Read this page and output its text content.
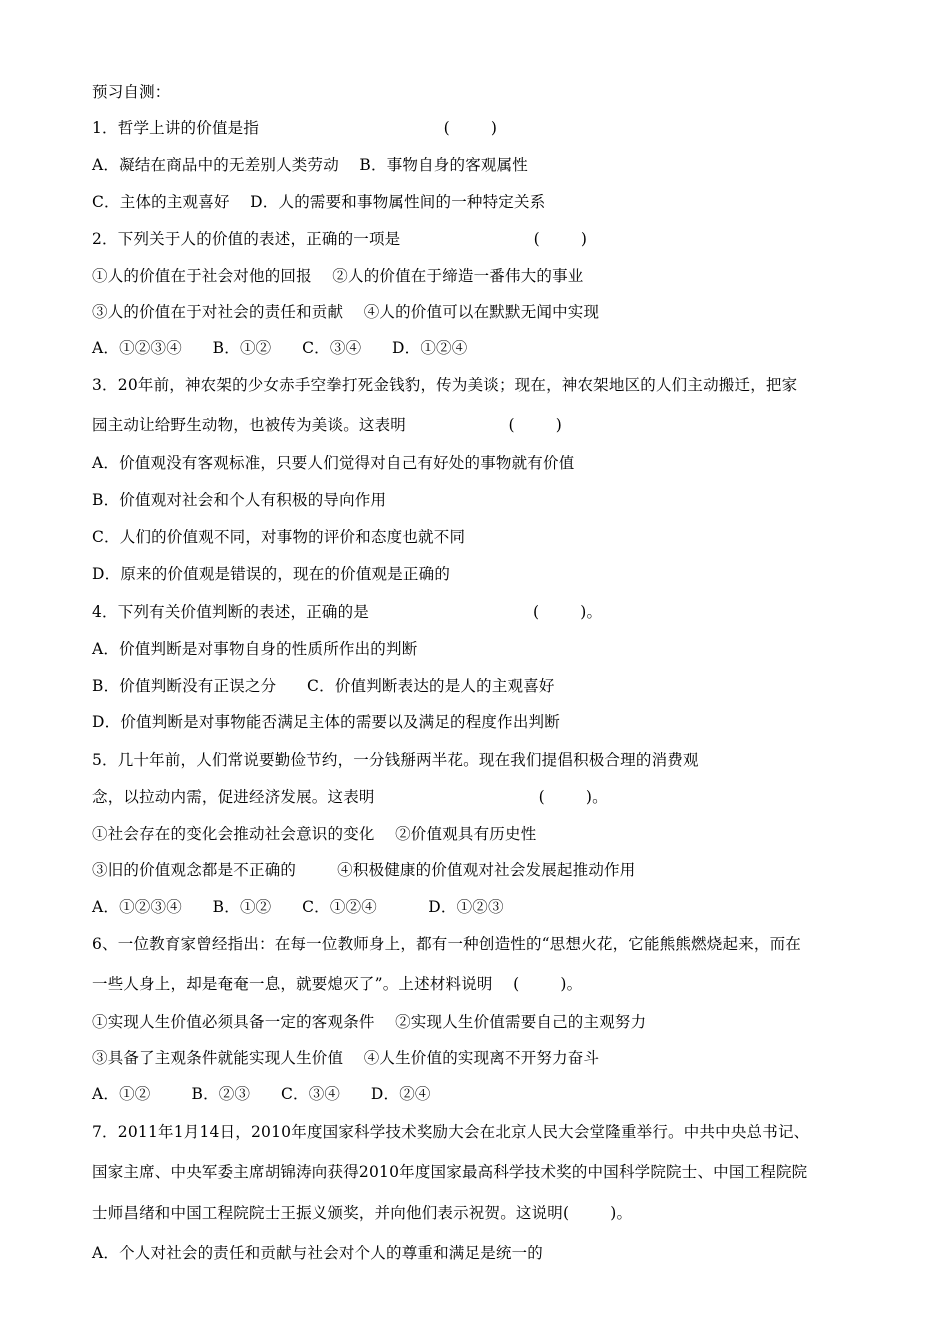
预习自测：
1．哲学上讲的价值是指                                    (        )
A．凝结在商品中的无差别人类劳动    B．事物自身的客观属性
C．主体的主观喜好    D．人的需要和事物属性间的一种特定关系
2．下列关于人的价值的表述，正确的一项是                          (        )
①人的价值在于社会对他的回报    ②人的价值在于缔造一番伟大的事业
③人的价值在于对社会的责任和贡献    ④人的价值可以在默默无闻中实现
A．①②③④      B．①②      C．③④      D．①②④
3．20年前，神农架的少女赤手空拳打死金钱豹，传为美谈；现在，神农架地区的人们主动搬迁，把家
园主动让给野生动物，也被传为美谈。这表明                    (        )
A．价值观没有客观标准，只要人们觉得对自己有好处的事物就有价值
B．价值观对社会和个人有积极的导向作用
C．人们的价值观不同，对事物的评价和态度也就不同
D．原来的价值观是错误的，现在的价值观是正确的
4．下列有关价值判断的表述，正确的是                                (        )。
A．价值判断是对事物自身的性质所作出的判断
B．价值判断没有正误之分      C．价值判断表达的是人的主观喜好
D．价值判断是对事物能否满足主体的需要以及满足的程度作出判断
5．几十年前，人们常说要勤俭节约，一分钱掰两半花。现在我们提倡积极合理的消费观
念，以拉动内需，促进经济发展。这表明                                (        )。
①社会存在的变化会推动社会意识的变化    ②价值观具有历史性
③旧的价值观念都是不正确的        ④积极健康的价值观对社会发展起推动作用
A．①②③④      B．①②      C．①②④          D．①②③
6、一位教育家曾经指出：在每一位教师身上，都有一种创造性的“思想火花，它能熊熊燃烧起来，而在
一些人身上，却是奄奄一息，就要熄灭了”。上述材料说明    (        )。
①实现人生价值必须具备一定的客观条件    ②实现人生价值需要自己的主观努力
③具备了主观条件就能实现人生价值    ④人生价值的实现离不开努力奋斗
A．①②        B．②③      C．③④      D．②④
7．2011年1月14日，2010年度国家科学技术奖励大会在北京人民大会堂隆重举行。中共中央总书记、
国家主席、中央军委主席胡锦涛向获得2010年度国家最高科学技术奖的中国科学院院士、中国工程院院
士师昌绪和中国工程院院士王振义颁奖，并向他们表示祝贺。这说明(        )。
A．个人对社会的责任和贡献与社会对个人的尊重和满足是统一的
